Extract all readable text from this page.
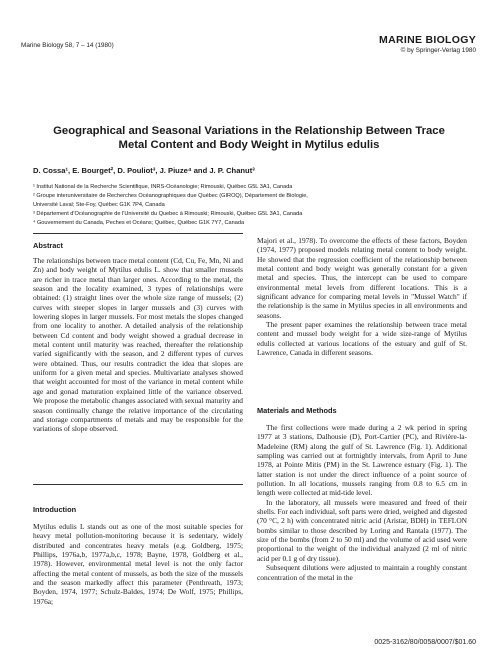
Marine Biology 58, 7 – 14 (1980)	MARINE BIOLOGY
© by Springer-Verlag 1980
Geographical and Seasonal Variations in the Relationship Between Trace Metal Content and Body Weight in Mytilus edulis
D. Cossa¹, E. Bourget², D. Pouliot³, J. Piuze⁴ and J. P. Chanut³
¹ Institut National de la Recherche Scientifique, INRS-Océanologie; Rimouski, Québec G5L 3A1, Canada
² Groupe interuniversitaire de Recherches Océanographiques due Québec (GIROQ), Département de Biologie,
Université Laval; Ste-Foy, Québec G1K 7P4, Canada
³ Département d'Océanographie de l'Université du Quebec à Rimouski; Rimouski, Québec G5L 3A1, Canada
⁴ Gouvernement du Canada, Peches et Océans; Québec, Québec G1K 7Y7, Canada
Abstract

The relationships between trace metal content (Cd, Cu, Fe, Mn, Ni and Zn) and body weight of Mytilus edulis L. show that smaller mussels are richer in trace metal than larger ones. According to the metal, the season and the locality examined, 3 types of relationships were obtained: (1) straight lines over the whole size range of mussels; (2) curves with steeper slopes in larger mussels and (3) curves with lowering slopes in larger mussels. For most metals the slopes changed from one locality to another. A detailed analysis of the relationship between Cd content and body weight showed a gradual decrease in metal content until maturity was reached, thereafter the relationship varied significantly with the season, and 2 different types of curves were obtained. Thus, our results contradict the idea that slopes are uniform for a given metal and species. Multivariate analyses showed that weight accounted for most of the variance in metal content while age and gonad maturation explained little of the variance observed. We propose the metabolic changes associated with sexual maturity and season continually change the relative importance of the circulating and storage compartments of metals and may be responsible for the variations of slope observed.

Introduction

Mytilus edulis L stands out as one of the most suitable species for heavy metal pollution-monitoring because it is sedentary, widely distributed and concentrates heavy metals (e.g. Goldberg, 1975; Phillips, 1976a,b, 1977a,b,c, 1978; Bayne, 1978, Goldberg et al., 1978). However, environmental metal level is not the only factor affecting the metal content of mussels, as both the size of the mussels and the season markedly affect this parameter (Penthreath, 1973; Boyden, 1974, 1977; Schulz-Baldes, 1974; De Wolf, 1975; Phillips, 1976a;

Majori et al., 1978). To overcome the effects of these factors, Boyden (1974, 1977) proposed models relating metal content to body weight. He showed that the regression coefficient of the relationship between metal content and body weight was generally constant for a given metal and species. Thus, the intercept can be used to compare environmental metal levels from different locations. This is a significant advance for comparing metal levels in "Mussel Watch" if the relationship is the same in Mytilus species in all environments and seasons.

The present paper examines the relationship between trace metal content and mussel body weight for a wide size-range of Mytilus edulis collected at various locations of the estuary and gulf of St. Lawrence, Canada in different seasons.

Materials and Methods

The first collections were made during a 2 wk period in spring 1977 at 3 stations, Dalhousie (D), Port-Cartier (PC), and Rivière-la-Madeleine (RM) along the gulf of St. Lawrence (Fig. 1). Additional sampling was carried out at fortnightly intervals, from April to June 1978, at Pointe Mitis (PM) in the St. Lawrence estuary (Fig. 1). The latter station is not under the direct influence of a point source of pollution. In all locations, mussels ranging from 0.8 to 6.5 cm in length were collected at mid-tide level.

In the laboratory, all mussels were measured and freed of their shells. For each individual, soft parts were dried, weighed and digested (70 °C, 2 h) with concentrated nitric acid (Aristar, BDH) in TEFLON bombs similar to those described by Loring and Rantala (1977). The size of the bombs (from 2 to 50 ml) and the volume of acid used were proportional to the weight of the individual analyzed (2 ml of nitric acid per 0.1 g of dry tissue).

Subsequent dilutions were adjusted to maintain a roughly constant concentration of the metal in the

0025-3162/80/0058/0007/$01.60
